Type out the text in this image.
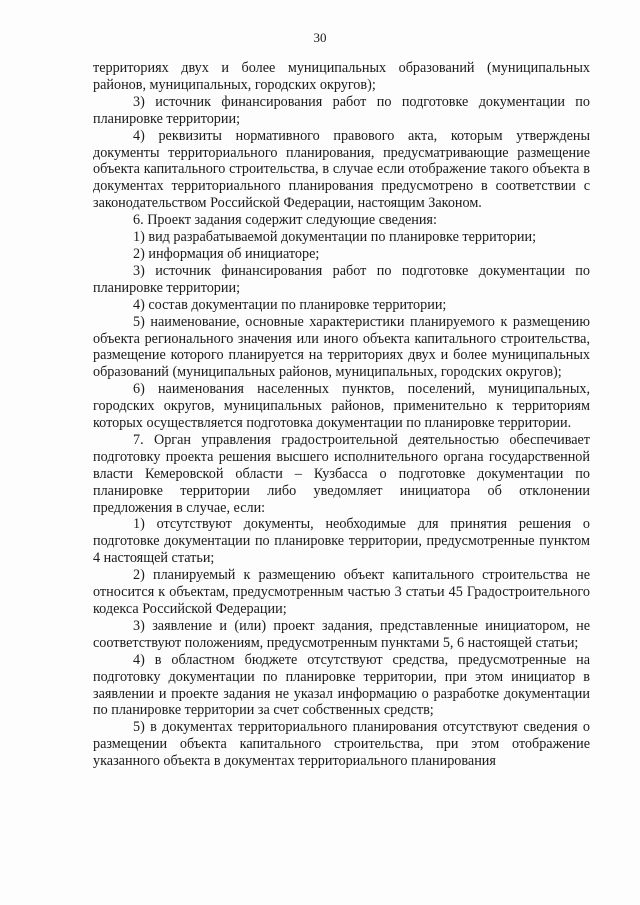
30

территориях двух и более муниципальных образований (муниципальных районов, муниципальных, городских округов);

3) источник финансирования работ по подготовке документации по планировке территории;

4) реквизиты нормативного правового акта, которым утверждены документы территориального планирования, предусматривающие размещение объекта капитального строительства, в случае если отображение такого объекта в документах территориального планирования предусмотрено в соответствии с законодательством Российской Федерации, настоящим Законом.

6. Проект задания содержит следующие сведения:

1) вид разрабатываемой документации по планировке территории;

2) информация об инициаторе;

3) источник финансирования работ по подготовке документации по планировке территории;

4) состав документации по планировке территории;

5) наименование, основные характеристики планируемого к размещению объекта регионального значения или иного объекта капитального строительства, размещение которого планируется на территориях двух и более муниципальных образований (муниципальных районов, муниципальных, городских округов);

6) наименования населенных пунктов, поселений, муниципальных, городских округов, муниципальных районов, применительно к территориям которых осуществляется подготовка документации по планировке территории.

7. Орган управления градостроительной деятельностью обеспечивает подготовку проекта решения высшего исполнительного органа государственной власти Кемеровской области – Кузбасса о подготовке документации по планировке территории либо уведомляет инициатора об отклонении предложения в случае, если:

1) отсутствуют документы, необходимые для принятия решения о подготовке документации по планировке территории, предусмотренные пунктом 4 настоящей статьи;

2) планируемый к размещению объект капитального строительства не относится к объектам, предусмотренным частью 3 статьи 45 Градостроительного кодекса Российской Федерации;

3) заявление и (или) проект задания, представленные инициатором, не соответствуют положениям, предусмотренным пунктами 5, 6 настоящей статьи;

4) в областном бюджете отсутствуют средства, предусмотренные на подготовку документации по планировке территории, при этом инициатор в заявлении и проекте задания не указал информацию о разработке документации по планировке территории за счет собственных средств;

5) в документах территориального планирования отсутствуют сведения о размещении объекта капитального строительства, при этом отображение указанного объекта в документах территориального планирования
